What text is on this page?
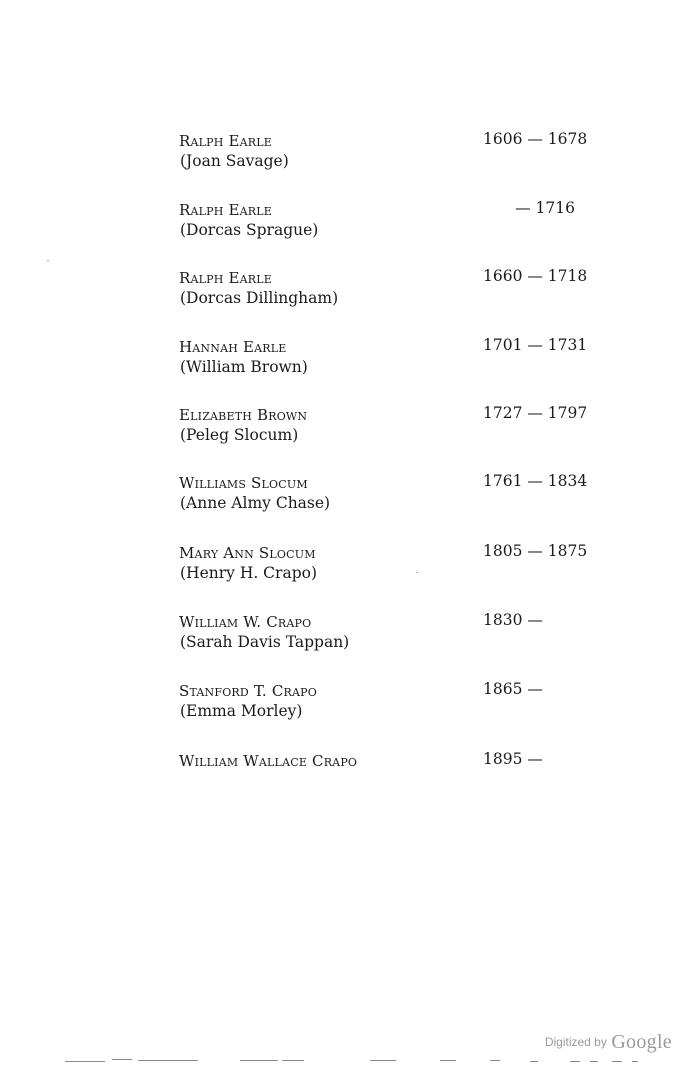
Ralph Earle
(Joan Savage)
1606 — 1678
Ralph Earle
(Dorcas Sprague)
— 1716
Ralph Earle
(Dorcas Dillingham)
1660 — 1718
Hannah Earle
(William Brown)
1701 — 1731
Elizabeth Brown
(Peleg Slocum)
1727 — 1797
Williams Slocum
(Anne Almy Chase)
1761 — 1834
Mary Ann Slocum
(Henry H. Crapo)
1805 — 1875
William W. Crapo
(Sarah Davis Tappan)
1830 —
Stanford T. Crapo
(Emma Morley)
1865 —
William Wallace Crapo	1895 —
Digitized by Google
